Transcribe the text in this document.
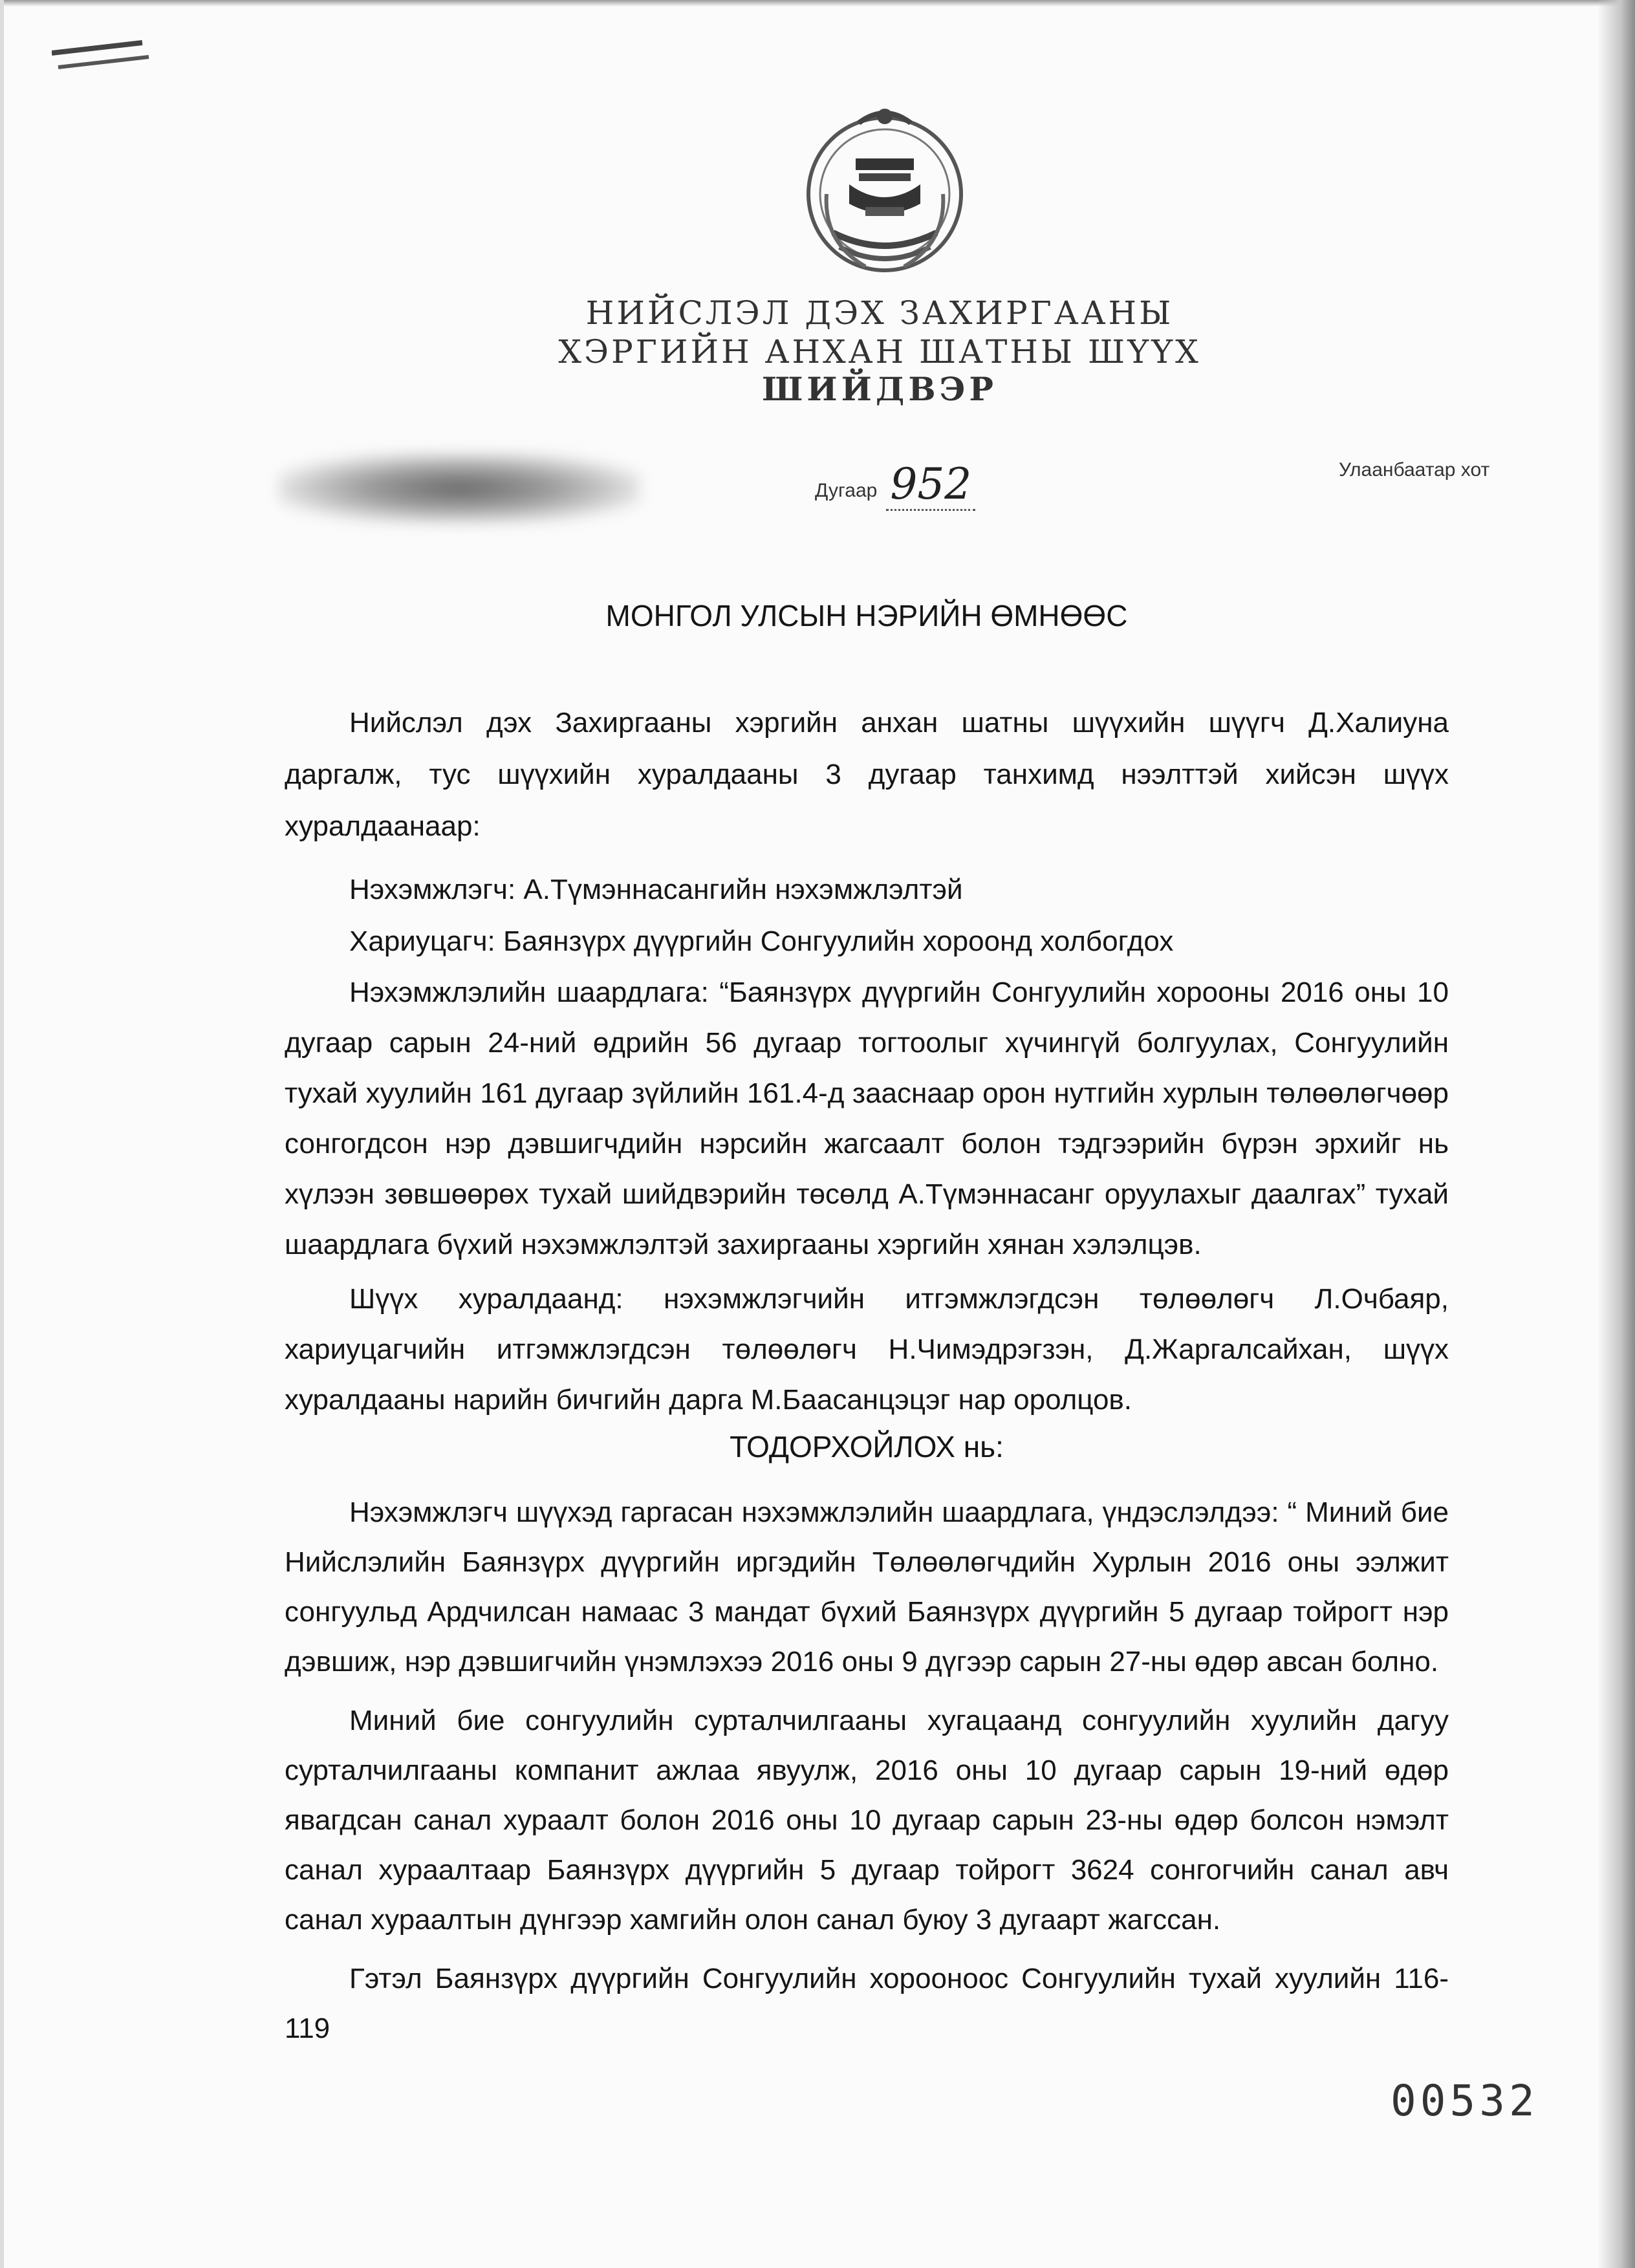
НИЙСЛЭЛ ДЭХ ЗАХИРГААНЫ
ХЭРГИЙН АНХАН ШАТНЫ ШҮҮХ
ШИЙДВЭР
Дугаар 952	Улаанбаатар хот
МОНГОЛ УЛСЫН НЭРИЙН ӨМНӨӨС

Нийслэл дэх Захиргааны хэргийн анхан шатны шүүхийн шүүгч Д.Халиуна даргалж, тус шүүхийн хуралдааны 3 дугаар танхимд нээлттэй хийсэн шүүх хуралдаанаар:

Нэхэмжлэгч: А.Түмэннасангийн нэхэмжлэлтэй

Хариуцагч: Баянзүрх дүүргийн Сонгуулийн хороонд холбогдох

Нэхэмжлэлийн шаардлага: “Баянзүрх дүүргийн Сонгуулийн хорооны 2016 оны 10 дугаар сарын 24-ний өдрийн 56 дугаар тогтоолыг хүчингүй болгуулах, Сонгуулийн тухай хуулийн 161 дугаар зүйлийн 161.4-д зааснаар орон нутгийн хурлын төлөөлөгчөөр сонгогдсон нэр дэвшигчдийн нэрсийн жагсаалт болон тэдгээрийн бүрэн эрхийг нь хүлээн зөвшөөрөх тухай шийдвэрийн төсөлд А.Түмэннасанг оруулахыг даалгах” тухай шаардлага бүхий нэхэмжлэлтэй захиргааны хэргийн хянан хэлэлцэв.

Шүүх хуралдаанд: нэхэмжлэгчийн итгэмжлэгдсэн төлөөлөгч Л.Очбаяр, хариуцагчийн итгэмжлэгдсэн төлөөлөгч Н.Чимэдрэгзэн, Д.Жаргалсайхан, шүүх хуралдааны нарийн бичгийн дарга М.Баасанцэцэг нар оролцов.

ТОДОРХОЙЛОХ нь:

Нэхэмжлэгч шүүхэд гаргасан нэхэмжлэлийн шаардлага, үндэслэлдээ: “ Миний бие Нийслэлийн Баянзүрх дүүргийн иргэдийн Төлөөлөгчдийн Хурлын 2016 оны ээлжит сонгуульд Ардчилсан намаас 3 мандат бүхий Баянзүрх дүүргийн 5 дугаар тойрогт нэр дэвшиж, нэр дэвшигчийн үнэмлэхээ 2016 оны 9 дүгээр сарын 27-ны өдөр авсан болно.

Миний бие сонгуулийн сурталчилгааны хугацаанд сонгуулийн хуулийн дагуу сурталчилгааны компанит ажлаа явуулж, 2016 оны 10 дугаар сарын 19-ний өдөр явагдсан санал хураалт болон 2016 оны 10 дугаар сарын 23-ны өдөр болсон нэмэлт санал хураалтаар Баянзүрх дүүргийн 5 дугаар тойрогт 3624 сонгогчийн санал авч санал хураалтын дүнгээр хамгийн олон санал буюу 3 дугаарт жагссан.

Гэтэл Баянзүрх дүүргийн Сонгуулийн хорооноос Сонгуулийн тухай хуулийн 116-119

00532
